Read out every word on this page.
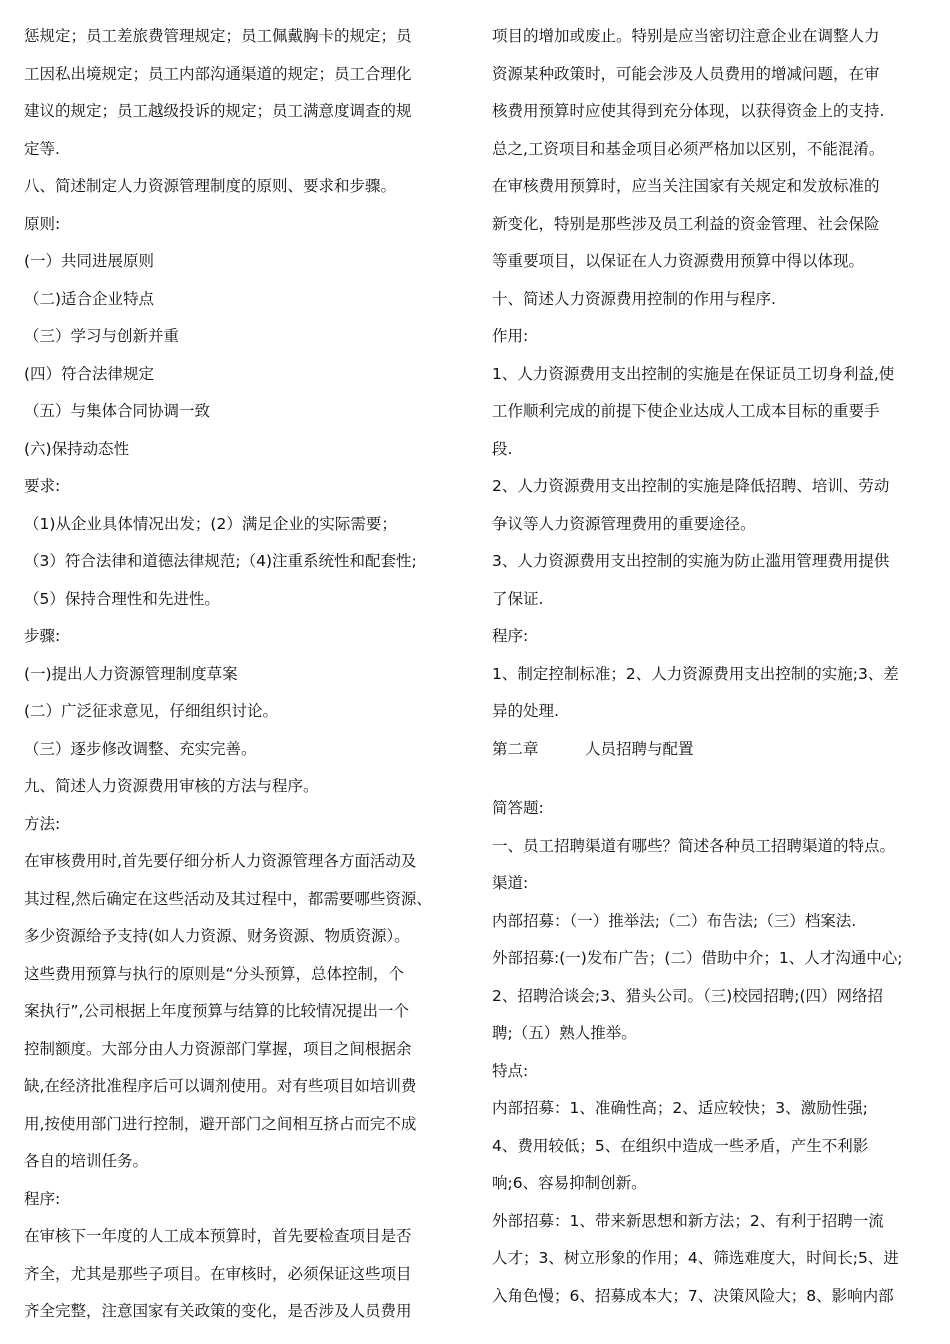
惩规定；员工差旅费管理规定；员工佩戴胸卡的规定；员
工因私出境规定；员工内部沟通渠道的规定；员工合理化
建议的规定；员工越级投诉的规定；员工满意度调查的规
定等.
八、简述制定人力资源管理制度的原则、要求和步骤。
原则:
(一）共同进展原则
（二)适合企业特点
（三）学习与创新并重
(四）符合法律规定
（五）与集体合同协调一致
(六)保持动态性
要求:
（1)从企业具体情况出发；(2）满足企业的实际需要；
（3）符合法律和道德法律规范;（4)注重系统性和配套性;
（5）保持合理性和先进性。
步骤:
(一)提出人力资源管理制度草案
(二）广泛征求意见，仔细组织讨论。
（三）逐步修改调整、充实完善。
九、简述人力资源费用审核的方法与程序。
方法:
在审核费用时,首先要仔细分析人力资源管理各方面活动及
其过程,然后确定在这些活动及其过程中，都需要哪些资源、
多少资源给予支持(如人力资源、财务资源、物质资源）。
这些费用预算与执行的原则是“分头预算，总体控制，个
案执行”,公司根据上年度预算与结算的比较情况提出一个
控制额度。大部分由人力资源部门掌握，项目之间根据余
缺,在经济批准程序后可以调剂使用。对有些项目如培训费
用,按使用部门进行控制，避开部门之间相互挤占而完不成
各自的培训任务。
程序:
在审核下一年度的人工成本预算时，首先要检查项目是否
齐全，尤其是那些子项目。在审核时，必须保证这些项目
齐全完整，注意国家有关政策的变化，是否涉及人员费用
项目的增加或废止。特别是应当密切注意企业在调整人力
资源某种政策时，可能会涉及人员费用的增减问题，在审
核费用预算时应使其得到充分体现，以获得资金上的支持.
总之,工资项目和基金项目必须严格加以区别，不能混淆。
在审核费用预算时，应当关注国家有关规定和发放标准的
新变化，特别是那些涉及员工利益的资金管理、社会保险
等重要项目，以保证在人力资源费用预算中得以体现。
十、简述人力资源费用控制的作用与程序.
作用:
1、人力资源费用支出控制的实施是在保证员工切身利益,使
工作顺利完成的前提下使企业达成人工成本目标的重要手
段.
2、人力资源费用支出控制的实施是降低招聘、培训、劳动
争议等人力资源管理费用的重要途径。
3、人力资源费用支出控制的实施为防止滥用管理费用提供
了保证.
程序:
1、制定控制标准；2、人力资源费用支出控制的实施;3、差
异的处理.
第二章　　　人员招聘与配置
简答题:
一、员工招聘渠道有哪些？简述各种员工招聘渠道的特点。
渠道:
内部招募：（一）推举法;（二）布告法;（三）档案法.
外部招募:(一)发布广告；(二）借助中介；1、人才沟通中心;
2、招聘洽谈会;3、猎头公司。（三)校园招聘;(四）网络招
聘;（五）熟人推举。
特点:
内部招募：1、准确性高；2、适应较快；3、激励性强;
4、费用较低；5、在组织中造成一些矛盾，产生不利影
响;6、容易抑制创新。
外部招募：1、带来新思想和新方法；2、有利于招聘一流
人才；3、树立形象的作用；4、筛选难度大，时间长;5、进
入角色慢；6、招募成本大；7、决策风险大；8、影响内部
